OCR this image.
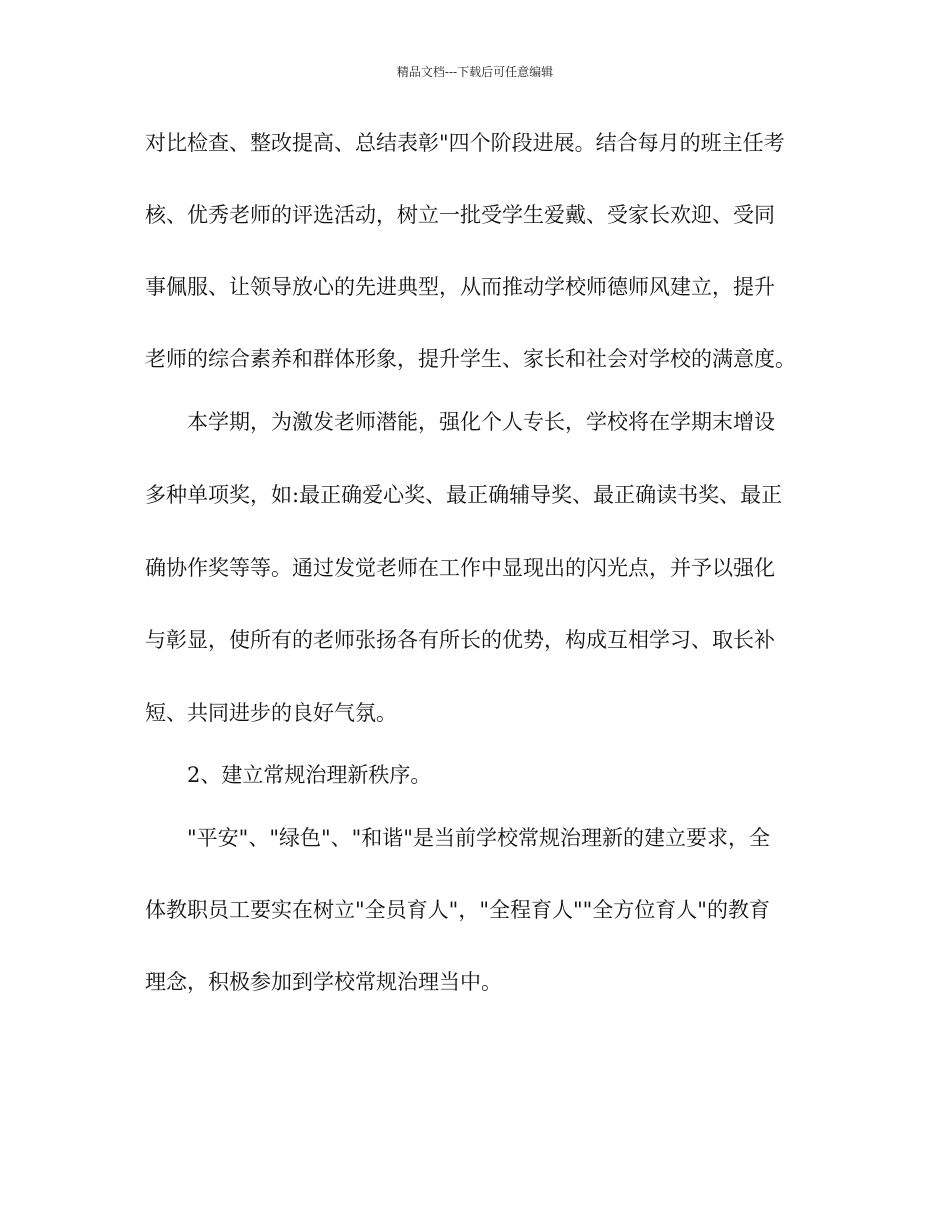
精品文档---下载后可任意编辑
对比检查、整改提高、总结表彰"四个阶段进展。结合每月的班主任考
核、优秀老师的评选活动，树立一批受学生爱戴、受家长欢迎、受同
事佩服、让领导放心的先进典型，从而推动学校师德师风建立，提升
老师的综合素养和群体形象，提升学生、家长和社会对学校的满意度。
本学期，为激发老师潜能，强化个人专长，学校将在学期末增设
多种单项奖，如:最正确爱心奖、最正确辅导奖、最正确读书奖、最正
确协作奖等等。通过发觉老师在工作中显现出的闪光点，并予以强化
与彰显，使所有的老师张扬各有所长的优势，构成互相学习、取长补
短、共同进步的良好气氛。
2、建立常规治理新秩序。
"平安"、"绿色"、"和谐"是当前学校常规治理新的建立要求，全
体教职员工要实在树立"全员育人"，"全程育人""全方位育人"的教育
理念，积极参加到学校常规治理当中。
